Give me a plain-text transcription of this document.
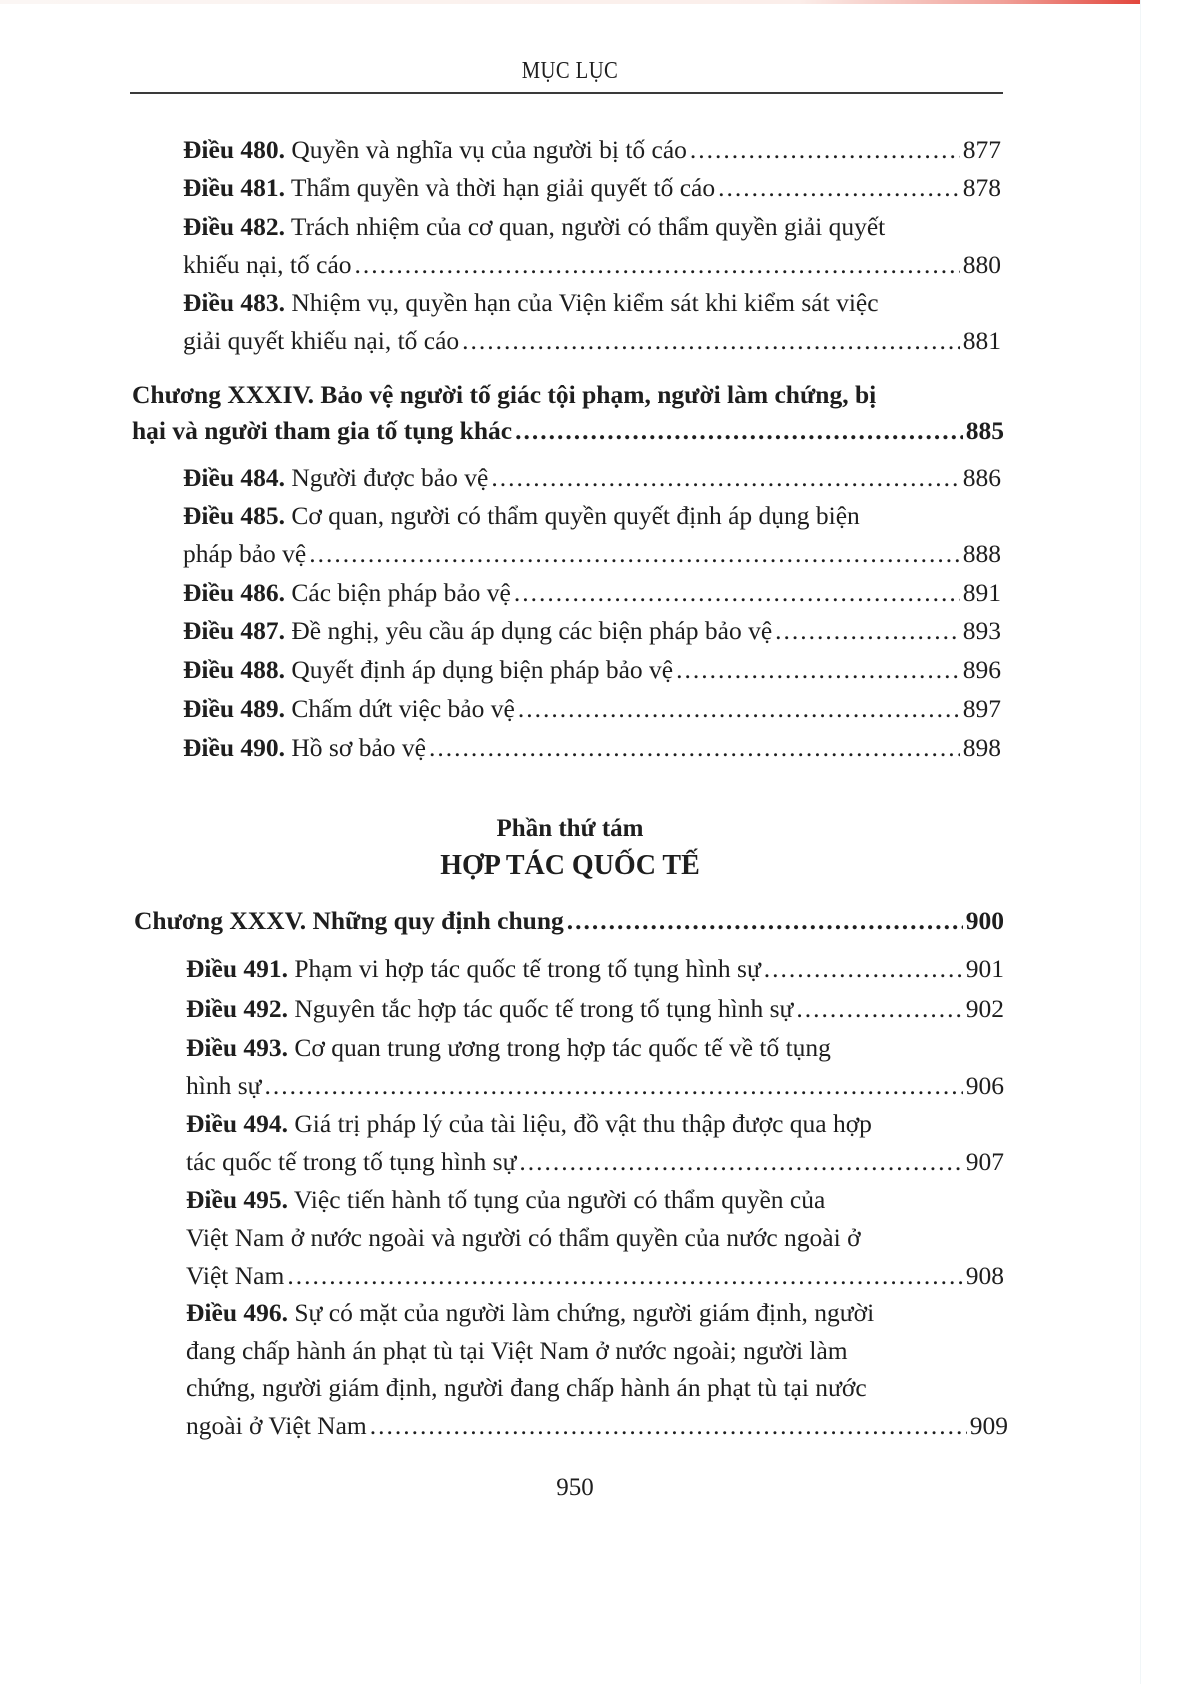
MỤC LỤC
Điều 480. Quyền và nghĩa vụ của người bị tố cáo .....	877
Điều 481. Thẩm quyền và thời hạn giải quyết tố cáo .....	878
Điều 482. Trách nhiệm của cơ quan, người có thẩm quyền giải quyết
khiếu nại, tố cáo .....	880
Điều 483. Nhiệm vụ, quyền hạn của Viện kiểm sát khi kiểm sát việc
giải quyết khiếu nại, tố cáo .....	881
Chương XXXIV. Bảo vệ người tố giác tội phạm, người làm chứng, bị
hại và người tham gia tố tụng khác .....	885
Điều 484. Người được bảo vệ .....	886
Điều 485. Cơ quan, người có thẩm quyền quyết định áp dụng biện
pháp bảo vệ .....	888
Điều 486. Các biện pháp bảo vệ .....	891
Điều 487. Đề nghị, yêu cầu áp dụng các biện pháp bảo vệ .....	893
Điều 488. Quyết định áp dụng biện pháp bảo vệ .....	896
Điều 489. Chấm dứt việc bảo vệ .....	897
Điều 490. Hồ sơ bảo vệ .....	898
Phần thứ tám
HỢP TÁC QUỐC TẾ
Chương XXXV. Những quy định chung .....	900
Điều 491. Phạm vi hợp tác quốc tế trong tố tụng hình sự .....	901
Điều 492. Nguyên tắc hợp tác quốc tế trong tố tụng hình sự .....	902
Điều 493. Cơ quan trung ương trong hợp tác quốc tế về tố tụng
hình sự .....	906
Điều 494. Giá trị pháp lý của tài liệu, đồ vật thu thập được qua hợp
tác quốc tế trong tố tụng hình sự .....	907
Điều 495. Việc tiến hành tố tụng của người có thẩm quyền của
Việt Nam ở nước ngoài và người có thẩm quyền của nước ngoài ở
Việt Nam .....	908
Điều 496. Sự có mặt của người làm chứng, người giám định, người
đang chấp hành án phạt tù tại Việt Nam ở nước ngoài; người làm
chứng, người giám định, người đang chấp hành án phạt tù tại nước
ngoài ở Việt Nam .....	909
950
